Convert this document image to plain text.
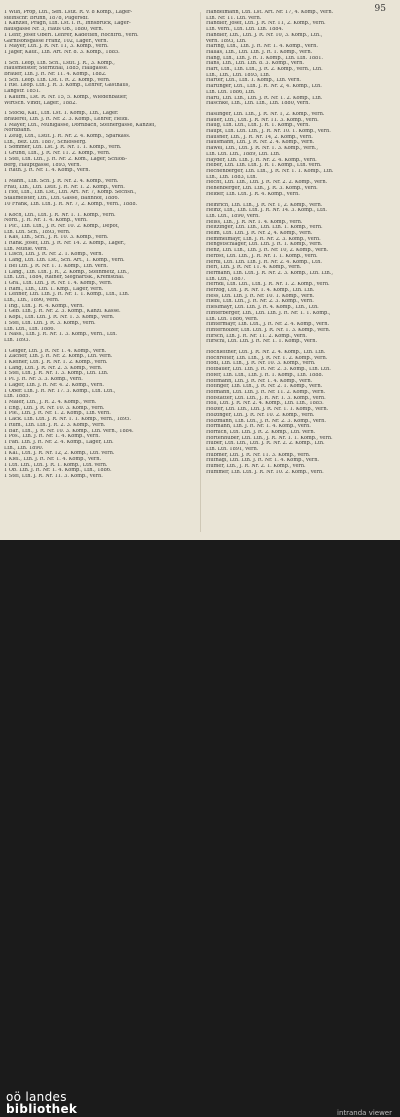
95
1 Wilh, Prop, Lth., Sen. Lstlt. R. v. 8 Komp., Lager-
steinschr. Brünn, 1878, Pilgersdf.
1 Kanzlei, Pragh, Lth. Lst. I. R., Innsbruck, Lager-
hausgasse Nr. 3, Haus Ob., 1880, verh.
1 Lehr, Josef Oberl. Lehrer, Kadetten, Rochfrd., verh.
Garnisonsgasse Franz, 102, Lager., verh.
1 Mayer, Lth. J. R. Nr. 11, 3. Komp., verh.
1 Jäger, Kauf., Lth. Art. Nr. 8. 3. Komp., 1885.
1 Sch. Leop, Lth. Sch., Lstlt. J. R., 3. Komp.,
Hausmeister, Sternthal, 1885, Hallgasse.
Brauer, Lth. J. R. Nr. 11. 4. Komp., 1882.
1 Sch. Leop. Lth. Lst. I. R. 2. Komp., verh.
1 Rie. Leop. Lth. J. R. 3. Komp., Lehrer, Gasthaus,
Langstr. 1851.
1 Kaufm., Lst. R. Nr. 15, 5. Komp., Wiedenbauer,
Wirtsch. Vindt, Lager., 1882.
1 Stöckl, Kaf., Lth. Lst. 1. Komp., Lth., Lager.
Brauerei, Lth. J. R. Nr. 2. 3. Komp., Lehrer, Heidl.
1 Mayer, Lth., Mühlgasse, Dornbach, Steinergasse, Kanzlei,
Nordbahn.
1 Zeug, Lth., Lstlt. J. R. Nr. 2. 4. Komp., Sparkass.
Lth., Bez. Lth. 1887, Schlosserg.
1 Sommer, Lth. Lst. J. R. Nr. 1. 1. Komp., verh.
1 Grund, Lth., J. R. Nr. 11. 2. Komp., verh.
1 Stei, Lth. Lth., J. R. Nr. 2. Kom., Lager, Schloß-
berg, Hauptgasse, 1893, verh.
1 Rath. J. R. Nr. 1. 4. Komp., verh.
1 Mann., Lth. Sch. J. R. Nr. 2. 4. Komp., verh.
Frau, Lth., Lth. Lstlt. J. R. Nr. 1. 2. Komp., verh.
1 Hof, Lth., Lth. Lst., Lth. Art. Nr. 7, Komp. Sechsh.,
Stallmeister, Lth., Lth. Gasse, Bahnhof, 1886.
10 Frank, Lth. Lth. J. R. Nr. 7, 2. Komp., verh., 1888.
1 Koch, Lth., Lth. J. R. Nr. 1. 1. Komp., verh.
Nord., J. R. Nr. 1. 4. Komp., verh.
1 Pic., Lth. Lth., J. R. Nr. 10. 2. Komp., Depot,
Lth. Lth. Sch., 1893, verh.
1 Kas, Lth., Sch., J. R. 10. 3. Komp., verh.
1 Rank. Josef, Lth. J. R. Nr. 14. 2. Komp., Lager.,
Lth. Mühle. verh.
1 Lisch, Lth. J. R. Nr. 2. 1. Komp., verh.
1 Lang, Lth. Lth. Lst., Sch. Art., 1. Komp., verh.
1 Bei Lth. J. R. Nr. 1. 1. Komp., Lth. verh.
1 Lang., Lth. Lth. J. R., 2. Komp., Steinmetz, Lth.,
Lth. Lth., 1884, Rainer, Sieghartsk., Kremsthal.
1 Gra., Lth. Lth. J. R. Nr. 1. 4. Komp., verh.
1 Ram., Lth., Lth. 1. Kmp., Lager, verh.
1 Lehner, Lth. Lth. J. R. Nr. 1. 1. Komp., Lth., Lth.
Lth., Lth., 1890, verh.
1 Ing., Lth. J. R. 4. Komp., verh.
1 Geb. Lth. J. R. Nr. 2. 3. Komp., Kanzl. Kasse.
1 Kopl., Lth. Lth. J. R. Nr. 1. 3. Komp., verh.
1 Stei, Lth. Lth. J. R. 3. Komp., verh.
Lth. Lth., Lth. 1886.
1 Nass., Lth. J. R. Nr. 1. 3. Komp., verh., Lth.
Lth. 1893.
1 Geiger, Lth. J. R. Nr. 1. 4. Komp., verh.
1 Zacher, Lth. J. R. Nr. 2. Komp., Lth. verh.
1 Kleiner, Lth. J. R. Nr. 1. 2. Komp., verh.
1 Lang, Lth. J. R. Nr. 2. 3. Komp., verh.
1 Stei, Lth. J. R. Nr. 1. 3. Komp., Lth. Lth.
1 Pl. J. R. Nr. 3. 3. Komp., verh.
1 Lager, Lth. J. R. Nr. 4. 2. Komp., verh.
1 Ober. Lth. J. R. Nr. 17. 3. Komp., Lth. Lth.,
Lth. 1885.
1 Maier, Lth., J. R. 2. 4. Komp., verh.
1 Eng., Lth. J. R. Nr. 10. 3. Komp., verh.
1 Pie., Lth. J. R. Nr. 1. 2. Komp., Lth. verh.
1 Lack. Lth. Lth. J. R. Nr. 1. 1. Komp., verh., 1895.
1 Rum., Lth. Lth. J. R. 2. 3. Komp., verh.
1 Bar., Lth., J. R. Nr. 10. 3. Komp., Lth. verh., 1884.
1 Pos., Lth. J. R. Nr. 1. 4. Komp., verh.
1 Fan. Lth. J. R. Nr. 2. 4. Komp., Lager, Lth.
Lth., Lth. 1890.
1 Kal., Lth. J. R. Nr. 12, 2. Komp., Lth. verh.
1 Kiel., Lth. J. R. Nr. 1. 4. Komp., verh.
1 Lth. Lth., Lth. J. R. 1. Komp., Lth. verh.
1 Ob. Lth. J. R. Nr. 1. 4. Komp., Lth., 1886.
1 Stei, Lth. J. R. Nr. 11. 3. Komp., verh.
Handelmann, Lth. Lst. Art. Nr. 17, 4. Komp., verh.
Lth. Nr. 11. Lth. verh.
Handler, Josef, Lth. J. R. Nr. 11, 2. Komp., verh.
Lth. verh., Lth. Lth. Lth. 1884.
Handler, Lth., Lth. J. R. Nr. 10, 3. Komp., Lth.,
verh. 1893, Lth.
Haring, Lth., Lth. J. R. Nr. 1. 4. Komp., verh.
Hallas, Lth., Lth. Lth. J. R. 1. Komp., verh.
Hang, Lth., Lth. J. R. 1. Komp., Lth. Lth. 1881.
Hans, Lth., Lth. Lth. 8. 3. Komp., verh.
Hart, Lth., Lth. Lth., J. R. 2. Komp., verh., Lth.
Lth., Lth., Lth. 1893, Lth.
Harter, Lth., Lth. 1. Komp., Lth. verh.
Hartinger, Lth., Lth. J. R. Nr. 2, 4. Komp., Lth.
Lth. Lth. 1886, Lth.
Hartl, Lth. Lth., Lth. J. R. Nr. 1. 2. Komp., Lth.
Haschke, Lth., Lth. Lth., Lth. 1880, verh.
Haslinger, Lth. Lth., J. R. Nr. 1, 2. Komp., verh.
Hauer, Lth., Lth. J. R. Nr. 11. 3. Komp., verh.
Haug, Lth. Lth., Lth. J. R. 1. Komp., verh.
Haupt, Lth. Lth. Lth., J. R. Nr. 10. 1. Komp., verh.
Hausner, Lth., J. R. Nr. 14, 2. Komp., verh.
Hausmann, Lth. J. R. Nr. 2. 4. Komp., verh.
Hawel, Lth., Lth. J. R. Nr. 1. 3. Komp., verh.,
Lth. Lth. Lth., 1889, Lth. Lth.
Hayder, Lth. Lth. J. R. Nr. 2. 4. Komp., verh.
Heber, Lth. Lth. Lth. J. R. 1. Komp., Lth. verh.
Hechenberger, Lth. Lth., J. R. Nr. 1. 1. Komp., Lth.
Lth., Lth. 1883, Lth.
Hecht, Lth. Lth., Lth. J. R. Nr. 2. 2. Komp., verh.
Hehenberger, Lth. Lth., J. R. 3. Komp., verh.
Heider, Lth. Lth. J. R. 4. Komp., verh.
Heinrich, Lth. Lth., J. R. Nr. 1, 2. Komp., verh.
Heinz, Lth., Lth. Lth. J. R. Nr. 14. 3. Komp., Lth.
Lth. Lth., 1890, verh.
Heiss, Lth., J. R. Nr. 1. 4. Komp., verh.
Heitzinger, Lth. Lth., Lth. Lth. 1. Komp., verh.
Helm, Lth. Lth. J. R. Nr. 2, 4. Komp., verh.
Hemmelmayr, Lth. J. R. Nr. 2. 3. Komp., verh.
Hengstschläger, Lth. Lth. J. R. 1. Komp., verh.
Henz, Lth. Lth., Lth. J. R. Nr. 10, 2. Komp., verh.
Herbst, Lth. Lth., J. R. Nr. 1. 1. Komp., verh.
Herdl, Lth. Lth. Lth. J. R. Nr. 2. 4. Komp., Lth.
Herl, Lth. J. R. Nr. 11. 4. Komp., verh.
Hermann, Lth. Lth. J. R. Nr. 2. 3. Komp., Lth. Lth.,
Lth. Lth., 1887.
Herndl, Lth. Lth., Lth. J. R. Nr. 1. 2. Komp., verh.
Herzog, Lth. J. R. Nr. 1. 4. Komp., Lth. Lth.
Hess, Lth. Lth. J. R. Nr. 10. 1. Komp., verh.
Hiebl, Lth. Lth., J. R. Nr. 2. 3. Komp., verh.
Hieslmayr, Lth. Lth. J. R. 4. Komp., Lth., Lth.
Hinterberger, Lth., Lth. Lth. J. R. Nr. 1. 1. Komp.,
Lth. Lth. 1886, verh.
Hintermayr, Lth. Lth., J. R. Nr. 2. 4. Komp., verh.
Hinterholzer, Lth. Lth. J. R. Nr. 1. 3. Komp., verh.
Hirsch, Lth. J. R. Nr. 11. 2. Komp., verh.
Hirschl, Lth. Lth. J. R. Nr. 1. 1. Komp., verh.
Hochleitner, Lth. J. R. Nr. 2. 4. Komp., Lth. Lth.
Hochreiter, Lth. Lth., J. R. Nr. 1. 2. Komp., verh.
Hödl, Lth. Lth., J. R. Nr. 10. 3. Komp., verh.
Hofbauer, Lth. Lth. J. R. Nr. 2. 3. Komp., Lth. Lth.
Hofer, Lth. Lth., Lth. J. R. 1. Komp., Lth. 1888.
Hoffmann, Lth. J. R. Nr. 1. 4. Komp., verh.
Hofinger, Lth. Lth., J. R. Nr. 2. 1. Komp., verh.
Hofmann, Lth. Lth. J. R. Nr. 11. 2. Komp., verh.
Hofstätter, Lth. Lth., J. R. Nr. 1. 3. Komp., verh.
Holl, Lth. J. R. Nr. 2. 4. Komp., Lth. Lth., 1885.
Holzer, Lth. Lth., Lth. J. R. Nr. 1. 1. Komp., verh.
Holzinger, Lth. J. R. Nr. 10. 2. Komp., verh.
Holzmann, Lth. Lth., J. R. Nr. 2. 3. Komp., verh.
Hörmann, Lth. J. R. Nr. 1. 4. Komp., verh.
Hornich, Lth. Lth. J. R. 2. Komp., Lth. verh.
Hörtenhuber, Lth. Lth., J. R. Nr. 1. 1. Komp., verh.
Huber, Lth. Lth., Lth. J. R. Nr. 2. 2. Komp., Lth.
Lth. Lth. 1891, verh.
Hubmer, Lth. J. R. Nr. 11. 3. Komp., verh.
Hufnagl, Lth. Lth. J. R. Nr. 1. 4. Komp., verh.
Humer, Lth., J. R. Nr. 2. 1. Komp., verh.
Hummer, Lth. Lth. J. R. Nr. 10. 2. Komp., verh.
oö landes
bibliothek	intranda viewer
